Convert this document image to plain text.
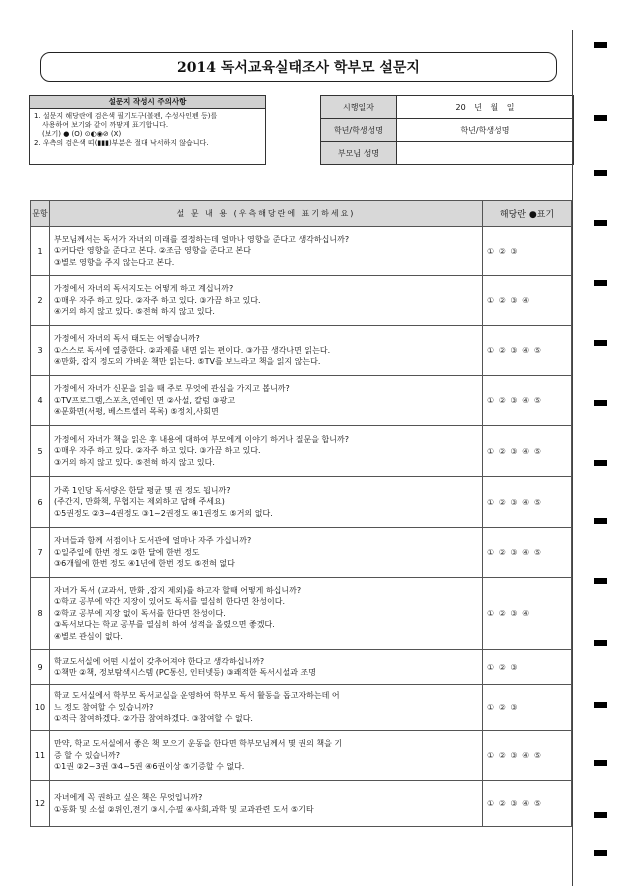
2014 독서교육실태조사 학부모 설문지
설문지 작성시 주의사항
1. 설문지 해당란에 검은색 필기도구(볼펜, 수성사인펜 등)를
사용하여 보기와 같이 까맣게 표기합니다.
(보기) ● (O) ⊙◐◉⊘ (X)
2. 우측의 검은색 띠(▮▮▮)부분은 절대 낙서하지 않습니다.
시행일자	20 년 월 일
학년/학생성명	학년/학생성명
부모님 성명	
문항	설 문 내 용 (우측해당란에 표기하세요)	해당란 ●표기
1	부모님께서는 독서가 자녀의 미래를 결정하는데 얼마나 영향을 준다고 생각하십니까?
①커다란 영향을 준다고 본다. ②조금 영향을 준다고 본다
③별로 영향을 주지 않는다고 본다.	① ② ③
2	가정에서 자녀의 독서지도는 어떻게 하고 계십니까?
①매우 자주 하고 있다. ②자주 하고 있다. ③가끔 하고 있다.
④거의 하지 않고 있다. ⑤전혀 하지 않고 있다.	① ② ③ ④
3	가정에서 자녀의 독서 태도는 어떻습니까?
①스스로 독서에 열중한다. ②과제를 내면 읽는 편이다. ③가끔 생각나면 읽는다.
④만화, 잡지 정도의 가벼운 책만 읽는다. ⑤TV를 보느라고 책을 읽지 않는다.	① ② ③ ④ ⑤
4	가정에서 자녀가 신문을 읽을 때 주로 무엇에 관심을 가지고 봅니까?
①TV프로그램,스포츠,연예인 면 ②사설, 칼럼 ③광고
④문화면(서평, 베스트셀러 목록) ⑤정치,사회면	① ② ③ ④ ⑤
5	가정에서 자녀가 책을 읽은 후 내용에 대하여 부모에게 이야기 하거나 질문을 합니까?
①매우 자주 하고 있다. ②자주 하고 있다. ③가끔 하고 있다.
③거의 하지 않고 있다. ⑤전혀 하지 않고 있다.	① ② ③ ④ ⑤
6	가족 1인당 독서량은 한달 평균 몇 권 정도 됩니까?
(주간지, 만화책, 무협지는 제외하고 답해 주세요)
①5권정도 ②3~4권정도 ③1~2권정도 ④1권정도 ⑤거의 없다.	① ② ③ ④ ⑤
7	자녀들과 함께 서점이나 도서관에 얼마나 자주 가십니까?
①일주일에 한번 정도 ②한 달에 한번 정도
③6개월에 한번 정도 ④1년에 한번 정도 ⑤전혀 없다	① ② ③ ④ ⑤
8	자녀가 독서 (교과서, 만화 ,잡지 제외)를 하고자 할때 어떻게 하십니까?
①학교 공부에 약간 지장이 있어도 독서를 열심히 한다면 찬성이다.
②학교 공부에 지장 없이 독서를 한다면 찬성이다.
③독서보다는 학교 공부를 열심히 하여 성적을 올렸으면 좋겠다.
④별로 관심이 없다.	① ② ③ ④
9	학교도서실에 어떤 시설이 갖추어져야 한다고 생각하십니까?
①책만 ②책, 정보탐색시스템 (PC통신, 인터넷등) ③쾌적한 독서시설과 조명	① ② ③
10	학교 도서실에서 학부모 독서교실을 운영하여 학부모 독서 활동을 돕고자하는데 어
느 정도 참여할 수 있습니까?
①적극 참여하겠다. ②가끔 참여하겠다. ③참여할 수 없다.	① ② ③
11	만약, 학교 도서실에서 좋은 책 모으기 운동을 한다면 학부모님께서 몇 권의 책을 기
증 할 수 있습니까?
①1권 ②2~3권 ③4~5권 ④6권이상 ⑤기증할 수 없다.	① ② ③ ④ ⑤
12	자녀에게 꼭 권하고 싶은 책은 무엇입니까?
①동화 및 소설 ②위인,전기 ③시,수필 ④사회,과학 및 교과관련 도서 ⑤기타	① ② ③ ④ ⑤
